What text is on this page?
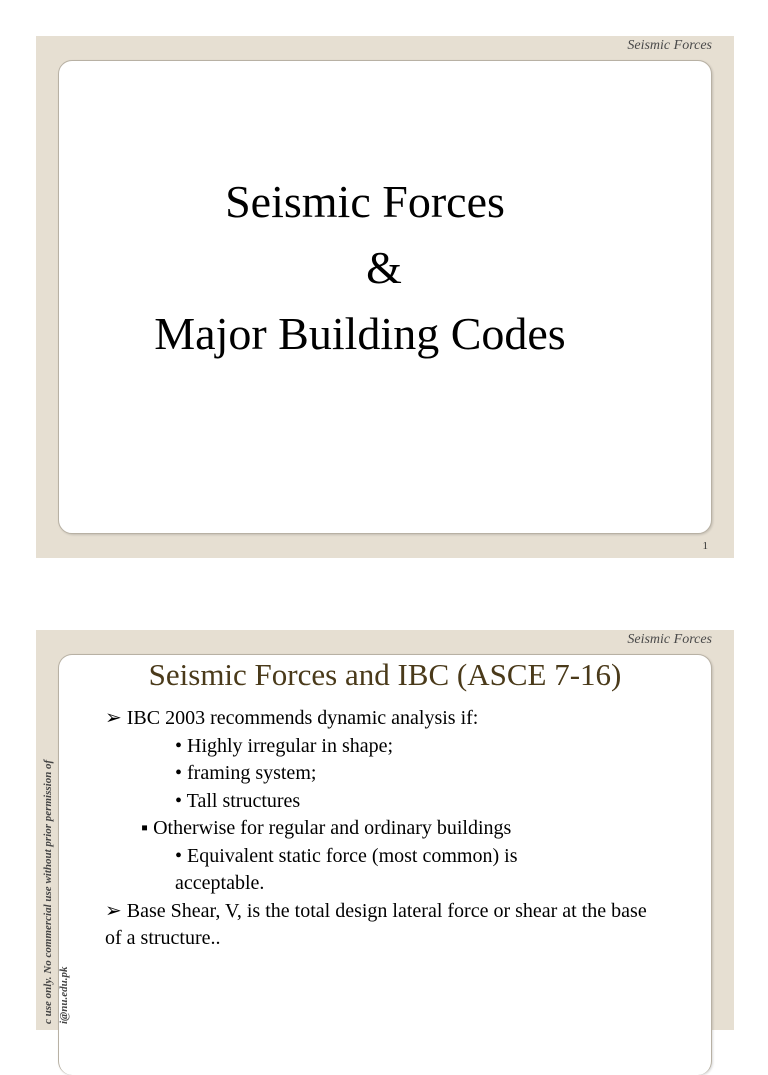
Seismic Forces
Seismic Forces
&
Major Building Codes
1
Seismic Forces
Seismic Forces and IBC (ASCE 7-16)
➢ IBC 2003 recommends dynamic analysis if:
• Highly irregular in shape;
• framing system;
• Tall structures
▪ Otherwise for regular and ordinary buildings
• Equivalent static force (most common) is
acceptable.
➢ Base Shear, V, is the total design lateral force or shear at the base of a structure..
c use only. No commercial use without prior permission of i@nu.edu.pk
